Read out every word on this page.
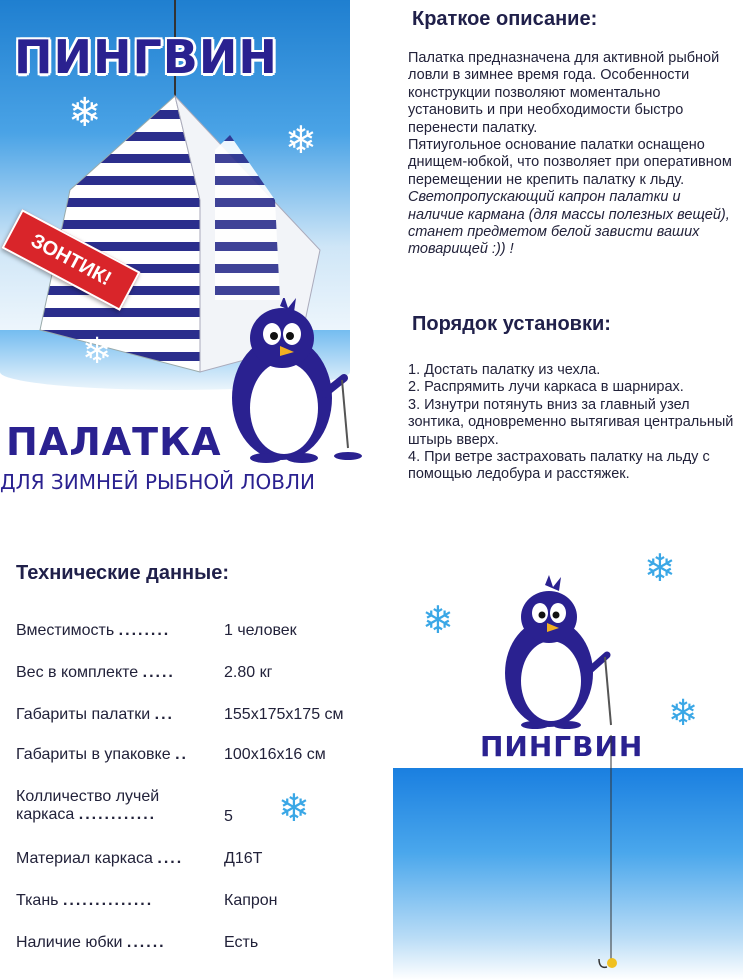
ПИНГВИН
ЗОНТИК!
❄
❄
❄
ПАЛАТКА
ДЛЯ ЗИМНЕЙ РЫБНОЙ ЛОВЛИ
Краткое описание:
Палатка предназначена для активной рыбной ловли в зимнее время года. Особенности конструкции позволяют моментально установить и при необходимости быстро перенести палатку.
Пятиугольное основание палатки оснащено днищем-юбкой, что позволяет при оперативном перемещении не крепить палатку к льду.
Светопропускающий капрон палатки и наличие кармана (для массы полезных вещей), станет предметом белой зависти ваших товарищей :)) !
Порядок установки:
1. Достать палатку из чехла.
2. Распрямить лучи каркаса в шарнирах.
3. Изнутри потянуть вниз за главный узел зонтика, одновременно вытягивая центральный штырь вверх.
4. При ветре застраховать палатку на льду с помощью ледобура и расстяжек.
Технические данные:
Вместимость ........	1 человек
Вес в комплекте .....	2.80 кг
Габариты палатки ...	155x175x175 см
Габариты в упаковке .. 100x16x16 см
Колличество лучей
каркаса ............	5
Материал каркаса ....	Д16Т
Ткань ..............	Капрон
Наличие юбки ......	Есть
❄
❄
❄
❄
ПИНГВИН
